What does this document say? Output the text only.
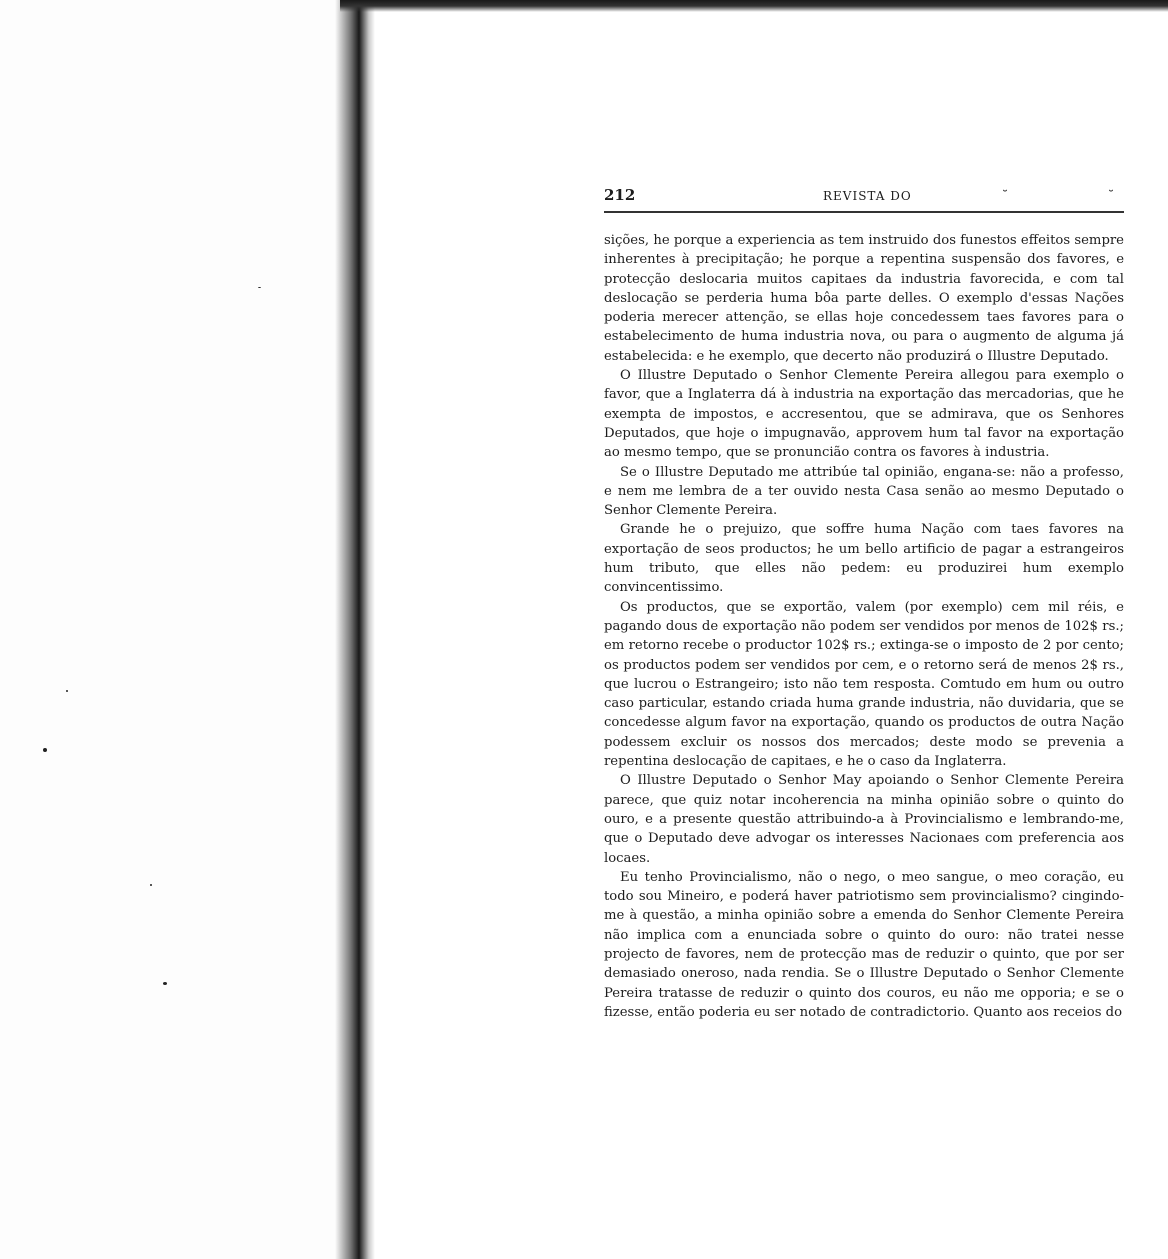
212	REVISTA DO	˘	˘

sições, he porque a experiencia as tem instruido dos funestos effeitos sempre inherentes à precipitação; he porque a repentina suspensão dos favores, e protecção deslocaria muitos capitaes da industria favorecida, e com tal deslocação se perderia huma bôa parte delles. O exemplo d'essas Nações poderia merecer attenção, se ellas hoje concedessem taes favores para o estabelecimento de huma industria nova, ou para o augmento de alguma já estabelecida: e he exemplo, que decerto não produzirá o Illustre Deputado.

O Illustre Deputado o Senhor Clemente Pereira allegou para exemplo o favor, que a Inglaterra dá à industria na exportação das mercadorias, que he exempta de impostos, e accresentou, que se admirava, que os Senhores Deputados, que hoje o impugnavão, approvem hum tal favor na exportação ao mesmo tempo, que se pronuncião contra os favores à industria.

Se o Illustre Deputado me attribúe tal opinião, engana-se: não a professo, e nem me lembra de a ter ouvido nesta Casa senão ao mesmo Deputado o Senhor Clemente Pereira.

Grande he o prejuizo, que soffre huma Nação com taes favores na exportação de seos productos; he um bello artificio de pagar a estrangeiros hum tributo, que elles não pedem: eu produzirei hum exemplo convincentissimo.

Os productos, que se exportão, valem (por exemplo) cem mil réis, e pagando dous de exportação não podem ser vendidos por menos de 102$ rs.; em retorno recebe o productor 102$ rs.; extinga-se o imposto de 2 por cento; os productos podem ser vendidos por cem, e o retorno será de menos 2$ rs., que lucrou o Estrangeiro; isto não tem resposta. Comtudo em hum ou outro caso particular, estando criada huma grande industria, não duvidaria, que se concedesse algum favor na exportação, quando os productos de outra Nação podessem excluir os nossos dos mercados; deste modo se prevenia a repentina deslocação de capitaes, e he o caso da Inglaterra.

O Illustre Deputado o Senhor May apoiando o Senhor Clemente Pereira parece, que quiz notar incoherencia na minha opinião sobre o quinto do ouro, e a presente questão attribuindo-a à Provincialismo e lembrando-me, que o Deputado deve advogar os interesses Nacionaes com preferencia aos locaes.

Eu tenho Provincialismo, não o nego, o meo sangue, o meo coração, eu todo sou Mineiro, e poderá haver patriotismo sem provincialismo? cingindo-me à questão, a minha opinião sobre a emenda do Senhor Clemente Pereira não implica com a enunciada sobre o quinto do ouro: não tratei nesse projecto de favores, nem de protecção mas de reduzir o quinto, que por ser demasiado oneroso, nada rendia. Se o Illustre Deputado o Senhor Clemente Pereira tratasse de reduzir o quinto dos couros, eu não me opporia; e se o fizesse, então poderia eu ser notado de contradictorio. Quanto aos receios do
